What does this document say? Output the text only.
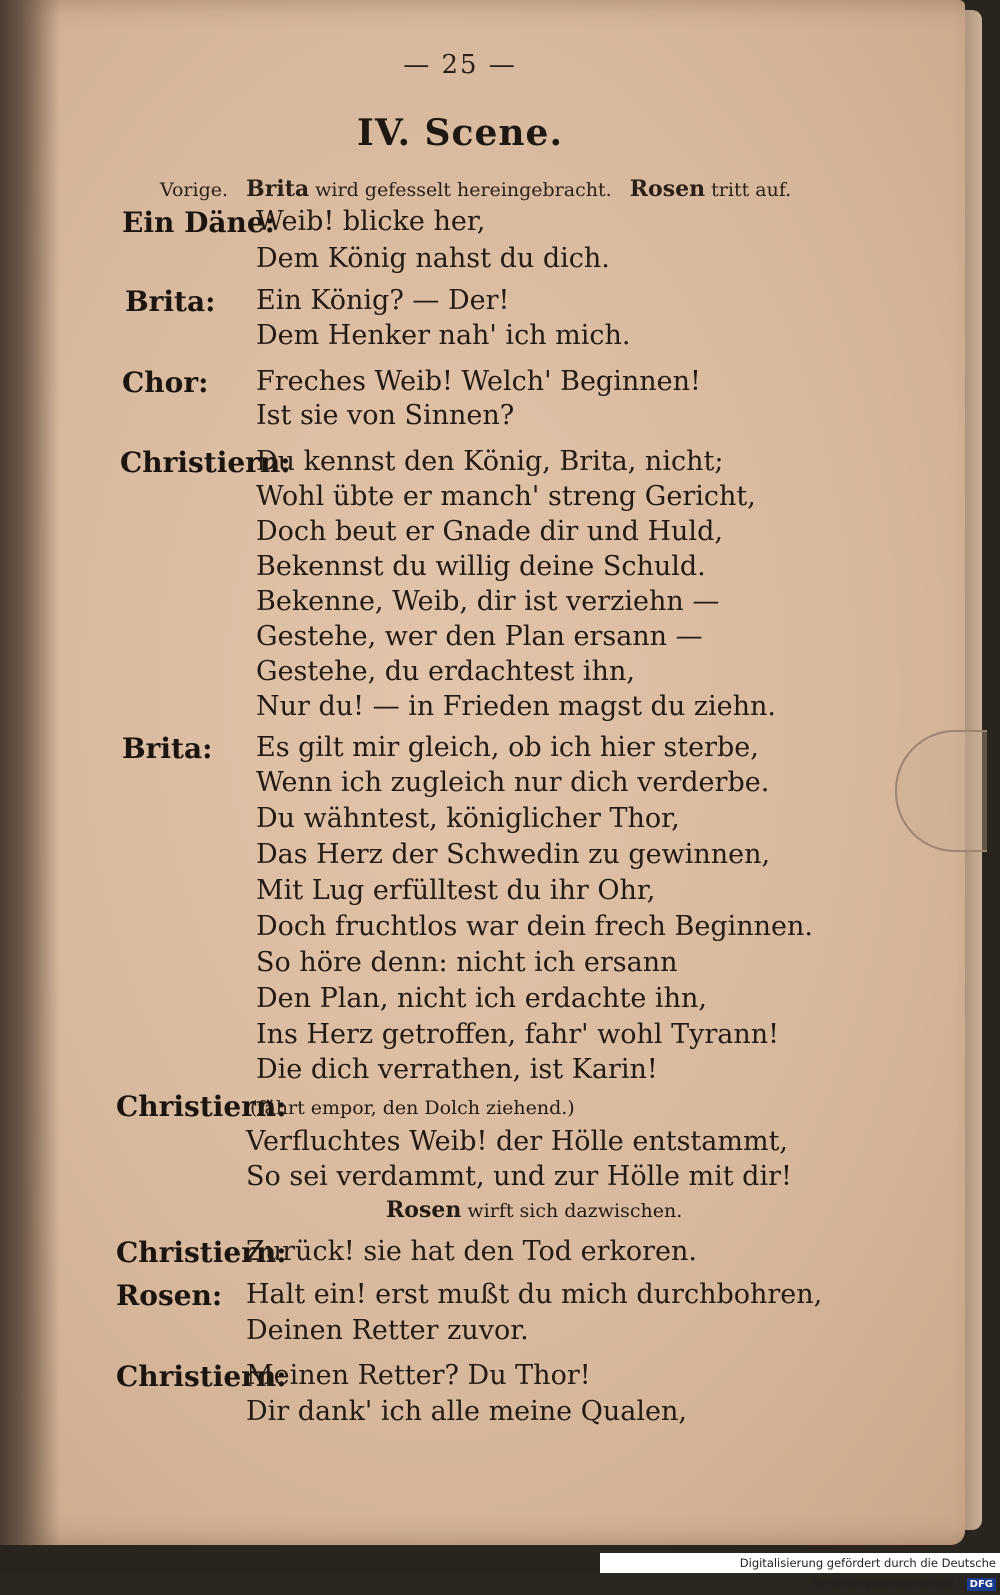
— 25 —
IV. Scene.
Vorige. Brita wird gefesselt hereingebracht. Rosen tritt auf.
Ein Däne:
Brita:
Chor:
Christiern:
Brita:
Christiern:
Christiern:
Rosen:
Christiern:
Weib! blicke her,
Dem König nahst du dich.
Ein König? — Der!
Dem Henker nah' ich mich.
Freches Weib! Welch' Beginnen!
Ist sie von Sinnen?
Du kennst den König, Brita, nicht;
Wohl übte er manch' streng Gericht,
Doch beut er Gnade dir und Huld,
Bekennst du willig deine Schuld.
Bekenne, Weib, dir ist verziehn —
Gestehe, wer den Plan ersann —
Gestehe, du erdachtest ihn,
Nur du! — in Frieden magst du ziehn.
Es gilt mir gleich, ob ich hier sterbe,
Wenn ich zugleich nur dich verderbe.
Du wähntest, königlicher Thor,
Das Herz der Schwedin zu gewinnen,
Mit Lug erfülltest du ihr Ohr,
Doch fruchtlos war dein frech Beginnen.
So höre denn: nicht ich ersann
Den Plan, nicht ich erdachte ihn,
Ins Herz getroffen, fahr' wohl Tyrann!
Die dich verrathen, ist Karin!
(fährt empor, den Dolch ziehend.)
Verfluchtes Weib! der Hölle entstammt,
So sei verdammt, und zur Hölle mit dir!
Rosen wirft sich dazwischen.
Zurück! sie hat den Tod erkoren.
Halt ein! erst mußt du mich durchbohren,
Deinen Retter zuvor.
Meinen Retter? Du Thor!
Dir dank' ich alle meine Qualen,
Digitalisierung gefördert durch die Deutsche Forschungsgemeinschaft - DFG
